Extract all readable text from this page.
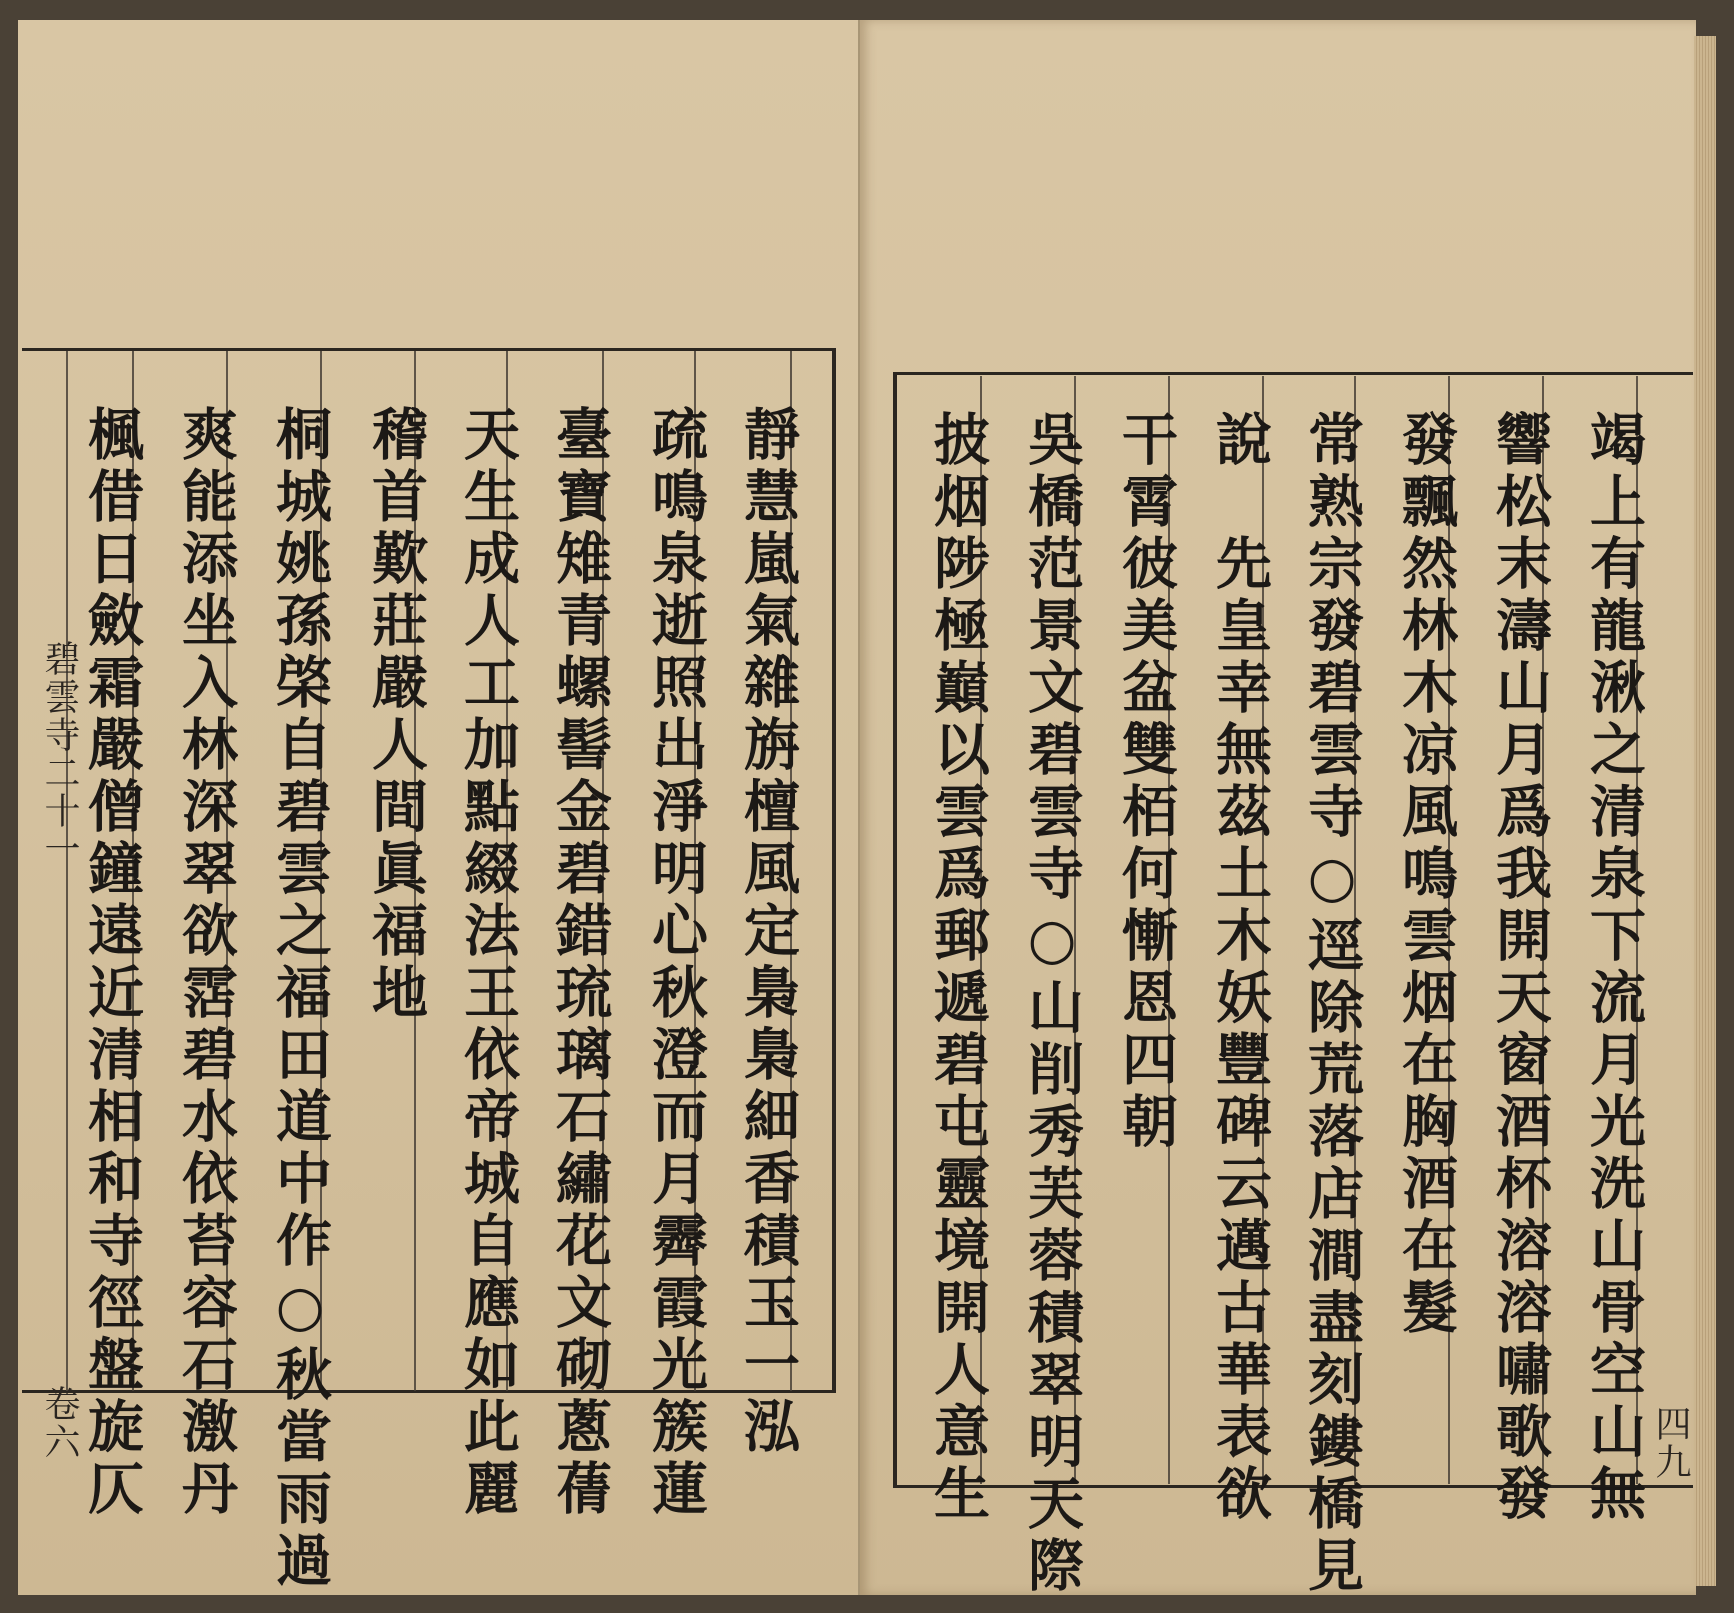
碧雲寺二十一
卷六	四九
靜慧嵐氣雜旃檀風定梟梟細香積玉一泓
疏鳴泉逝照出淨明心秋澄而月霽霞光簇蓮
臺寶雉青螺髻金碧錯琉璃石繡花文砌蔥蒨
天生成人工加點綴法王依帝城自應如此麗
稽首歎莊嚴人間眞福地
桐城姚孫棨自碧雲之福田道中作○秋當雨過
爽能添坐入林深翠欲霑碧水依苔容石激丹
楓借日斂霜嚴僧鐘遠近清相和寺徑盤旋仄	竭上有龍湫之清泉下流月光洗山骨空山無
響松末濤山月爲我開天窗酒杯溶溶嘯歌發
發飄然林木凉風鳴雲烟在胸酒在髮
常熟宗發碧雲寺○逕除荒落店澗盡刻鏤橋見
說　先皇幸無茲土木妖豐碑云邁古華表欲
干霄彼美盆雙栢何慚恩四朝
吳橋范景文碧雲寺○山削秀芙蓉積翠明天際
披烟陟極巔以雲爲郵遞碧屯靈境開人意生
